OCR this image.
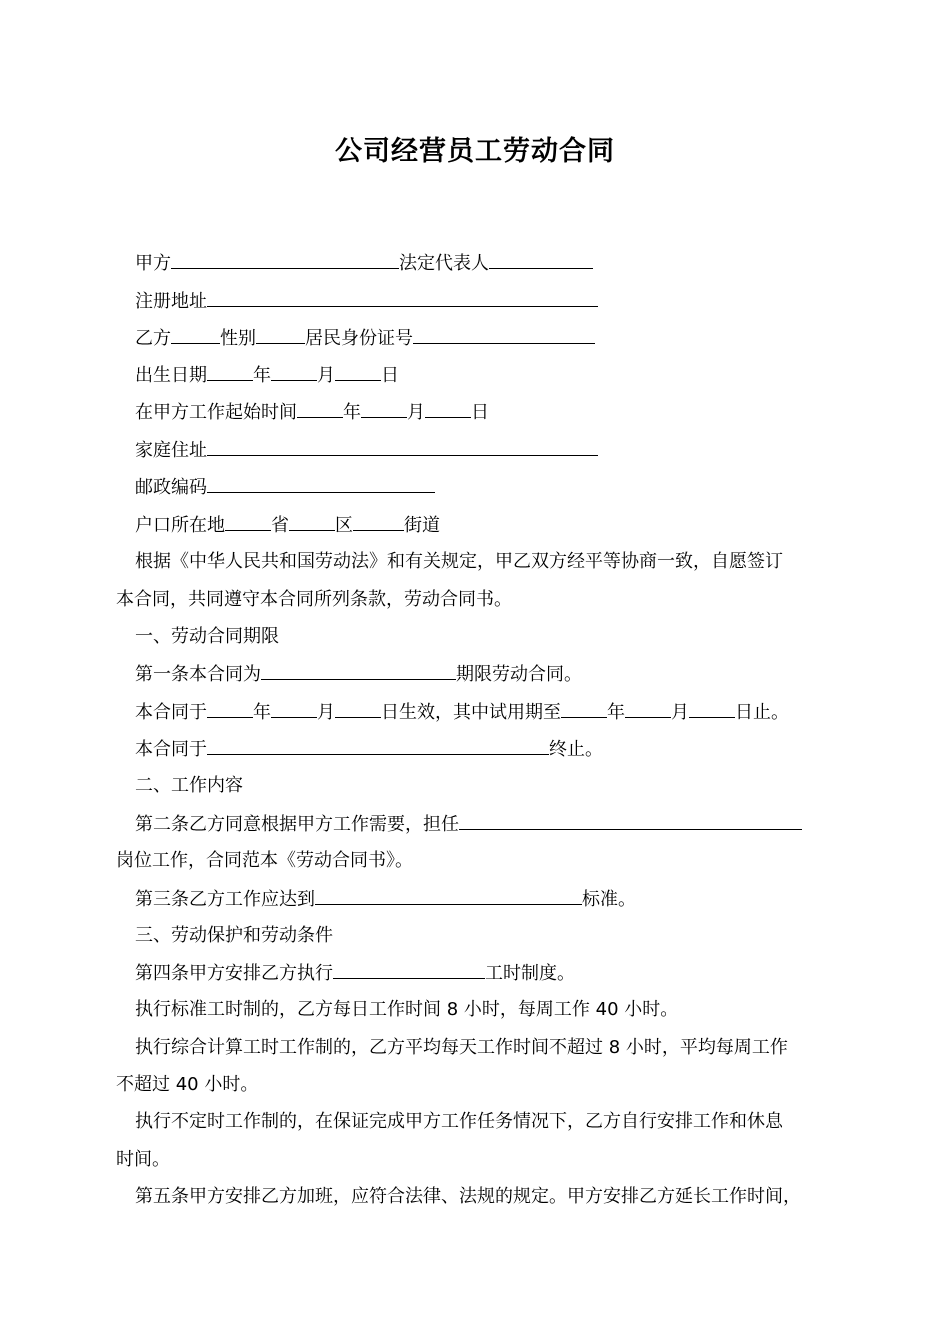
公司经营员工劳动合同
甲方	法定代表人
注册地址
乙方	性别	居民身份证号
出生日期	年	月	日
在甲方工作起始时间	年	月	日
家庭住址
邮政编码
户口所在地	省	区	街道
根据《中华人民共和国劳动法》和有关规定，甲乙双方经平等协商一致，自愿签订
本合同，共同遵守本合同所列条款，劳动合同书。
一、劳动合同期限
第一条本合同为	期限劳动合同。
本合同于	年	月	日生效，其中试用期至	年	月	日止。
本合同于	终止。
二、工作内容
第二条乙方同意根据甲方工作需要，担任
岗位工作，合同范本《劳动合同书》。
第三条乙方工作应达到	标准。
三、劳动保护和劳动条件
第四条甲方安排乙方执行	工时制度。
执行标准工时制的，乙方每日工作时间 8 小时，每周工作 40 小时。
执行综合计算工时工作制的，乙方平均每天工作时间不超过 8 小时，平均每周工作
不超过 40 小时。
执行不定时工作制的，在保证完成甲方工作任务情况下，乙方自行安排工作和休息
时间。
第五条甲方安排乙方加班，应符合法律、法规的规定。甲方安排乙方延长工作时间，
